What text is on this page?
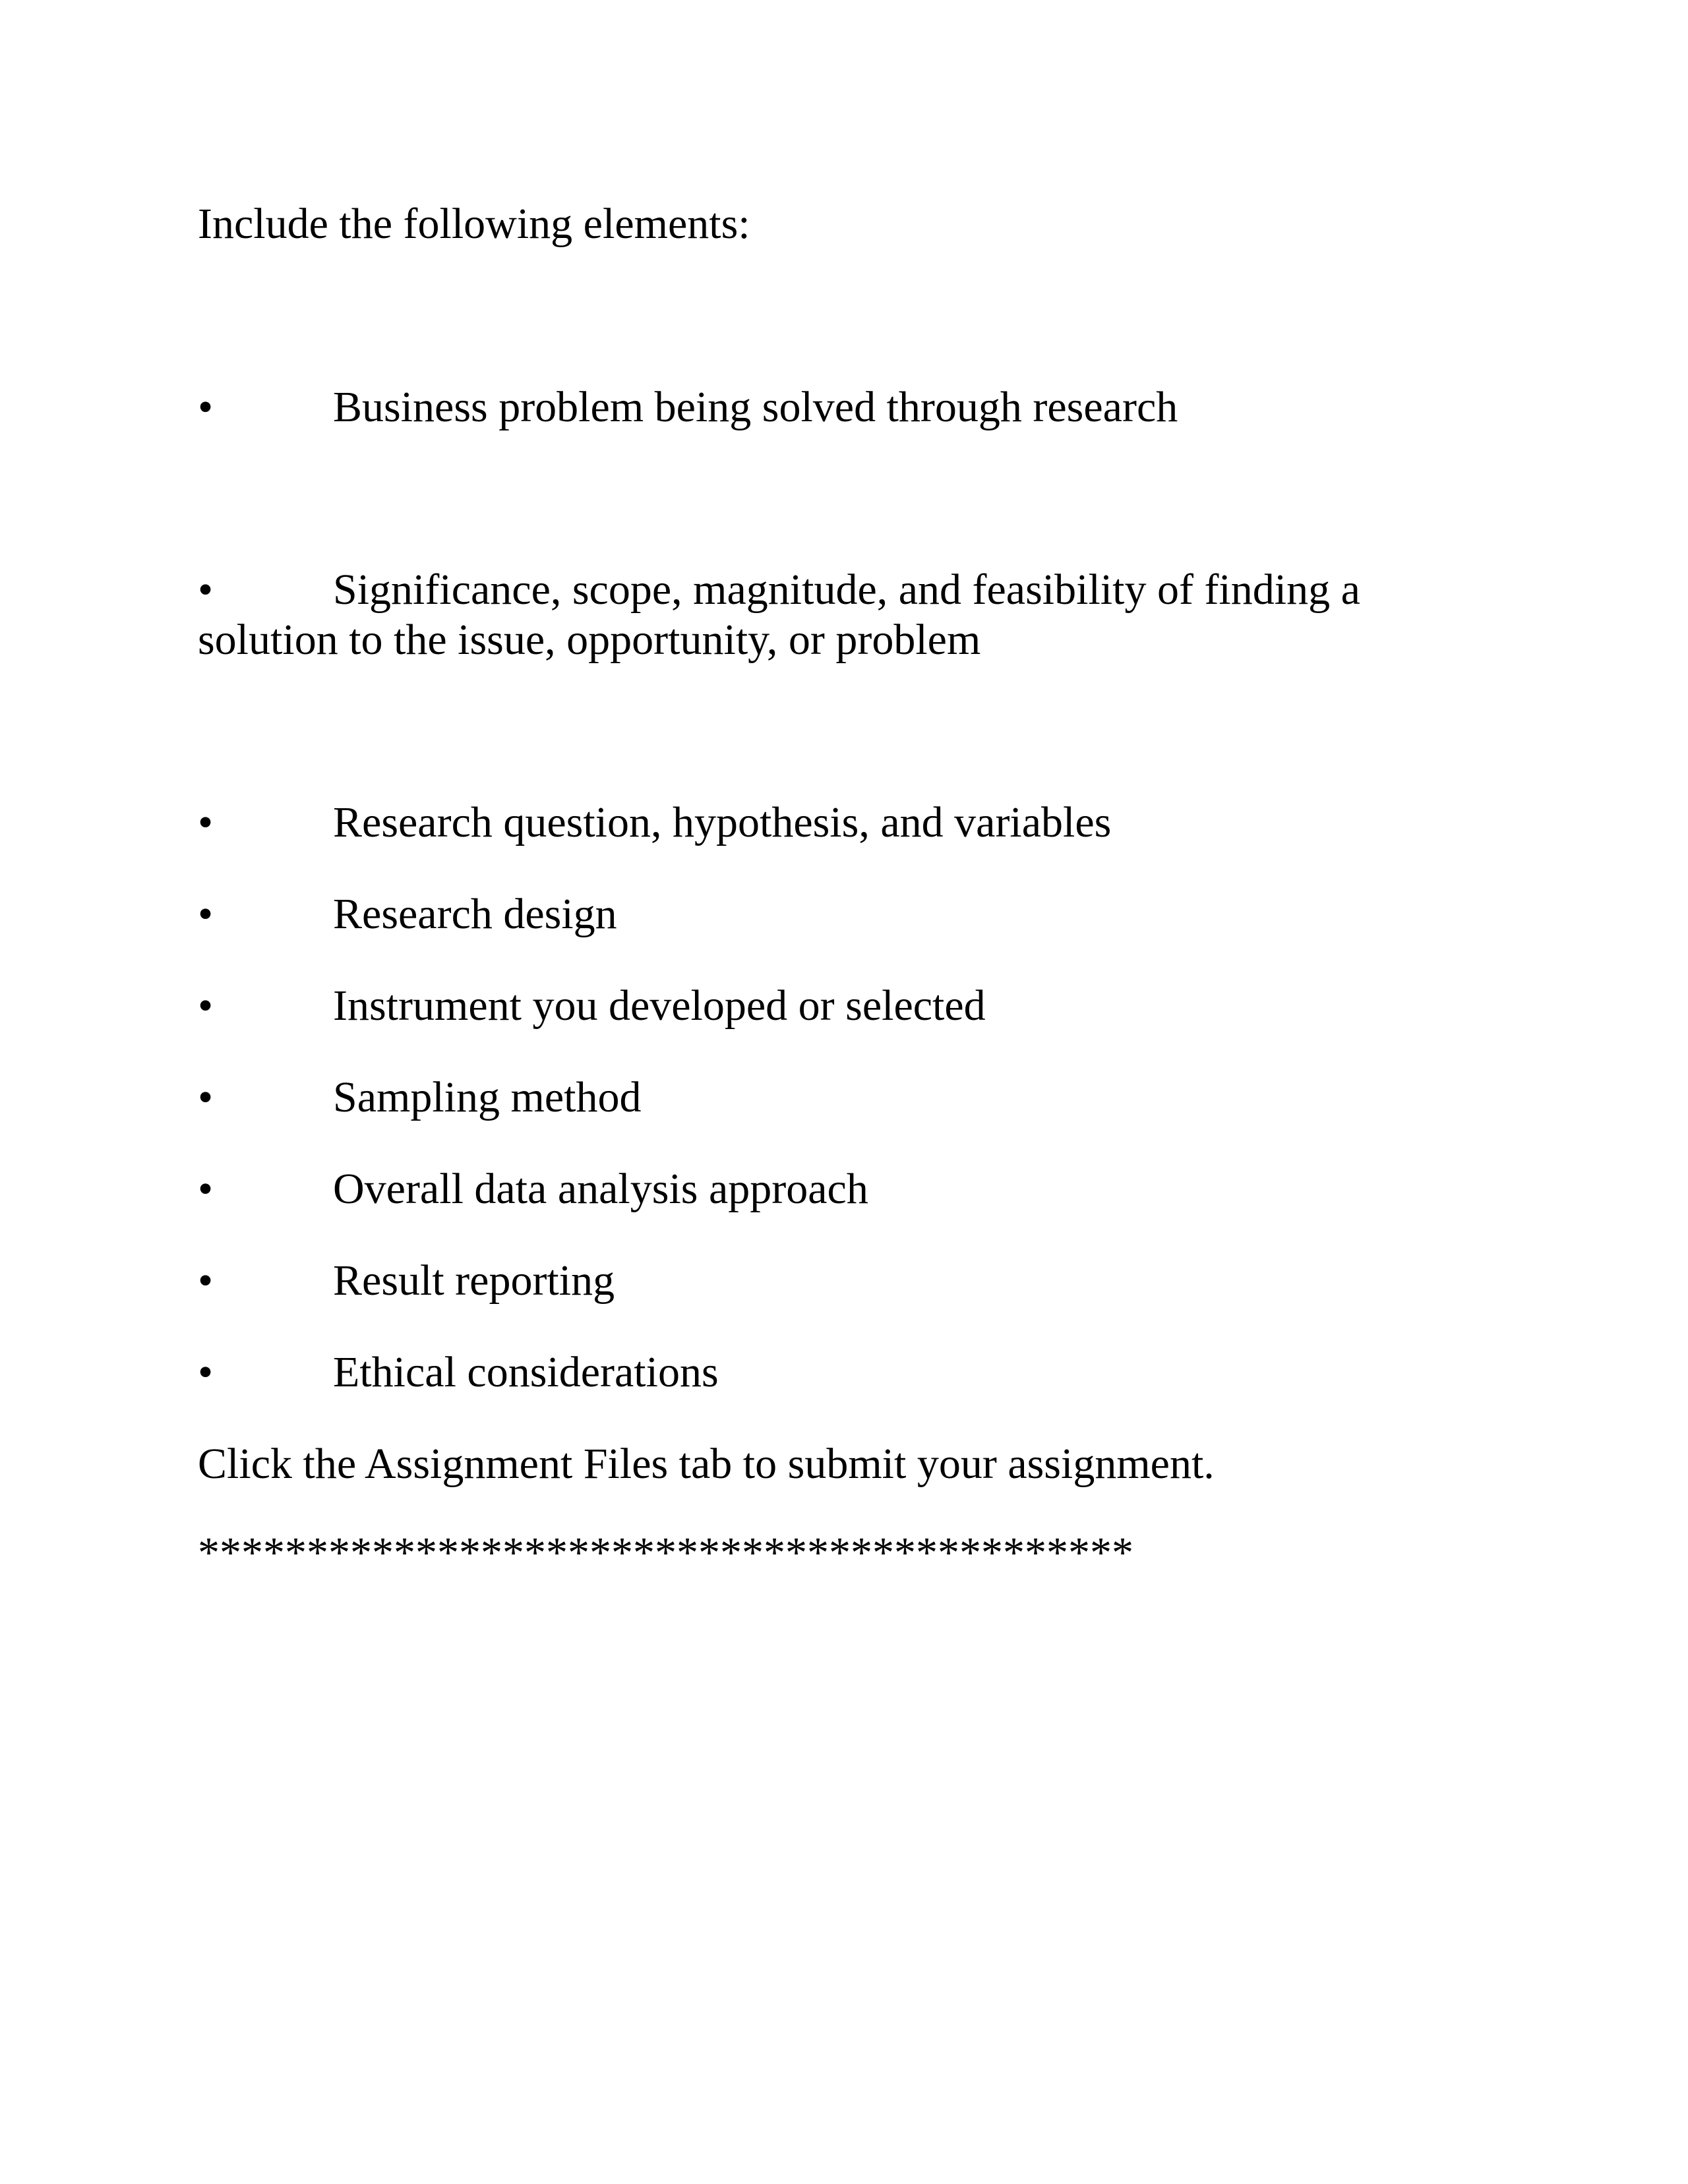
Include the following elements:
•	Business problem being solved through research
•	Significance, scope, magnitude, and feasibility of finding a solution to the issue, opportunity, or problem
•	Research question, hypothesis, and variables
•	Research design
•	Instrument you developed or selected
•	Sampling method
•	Overall data analysis approach
•	Result reporting
•	Ethical considerations
Click the Assignment Files tab to submit your assignment.
*******************************************
